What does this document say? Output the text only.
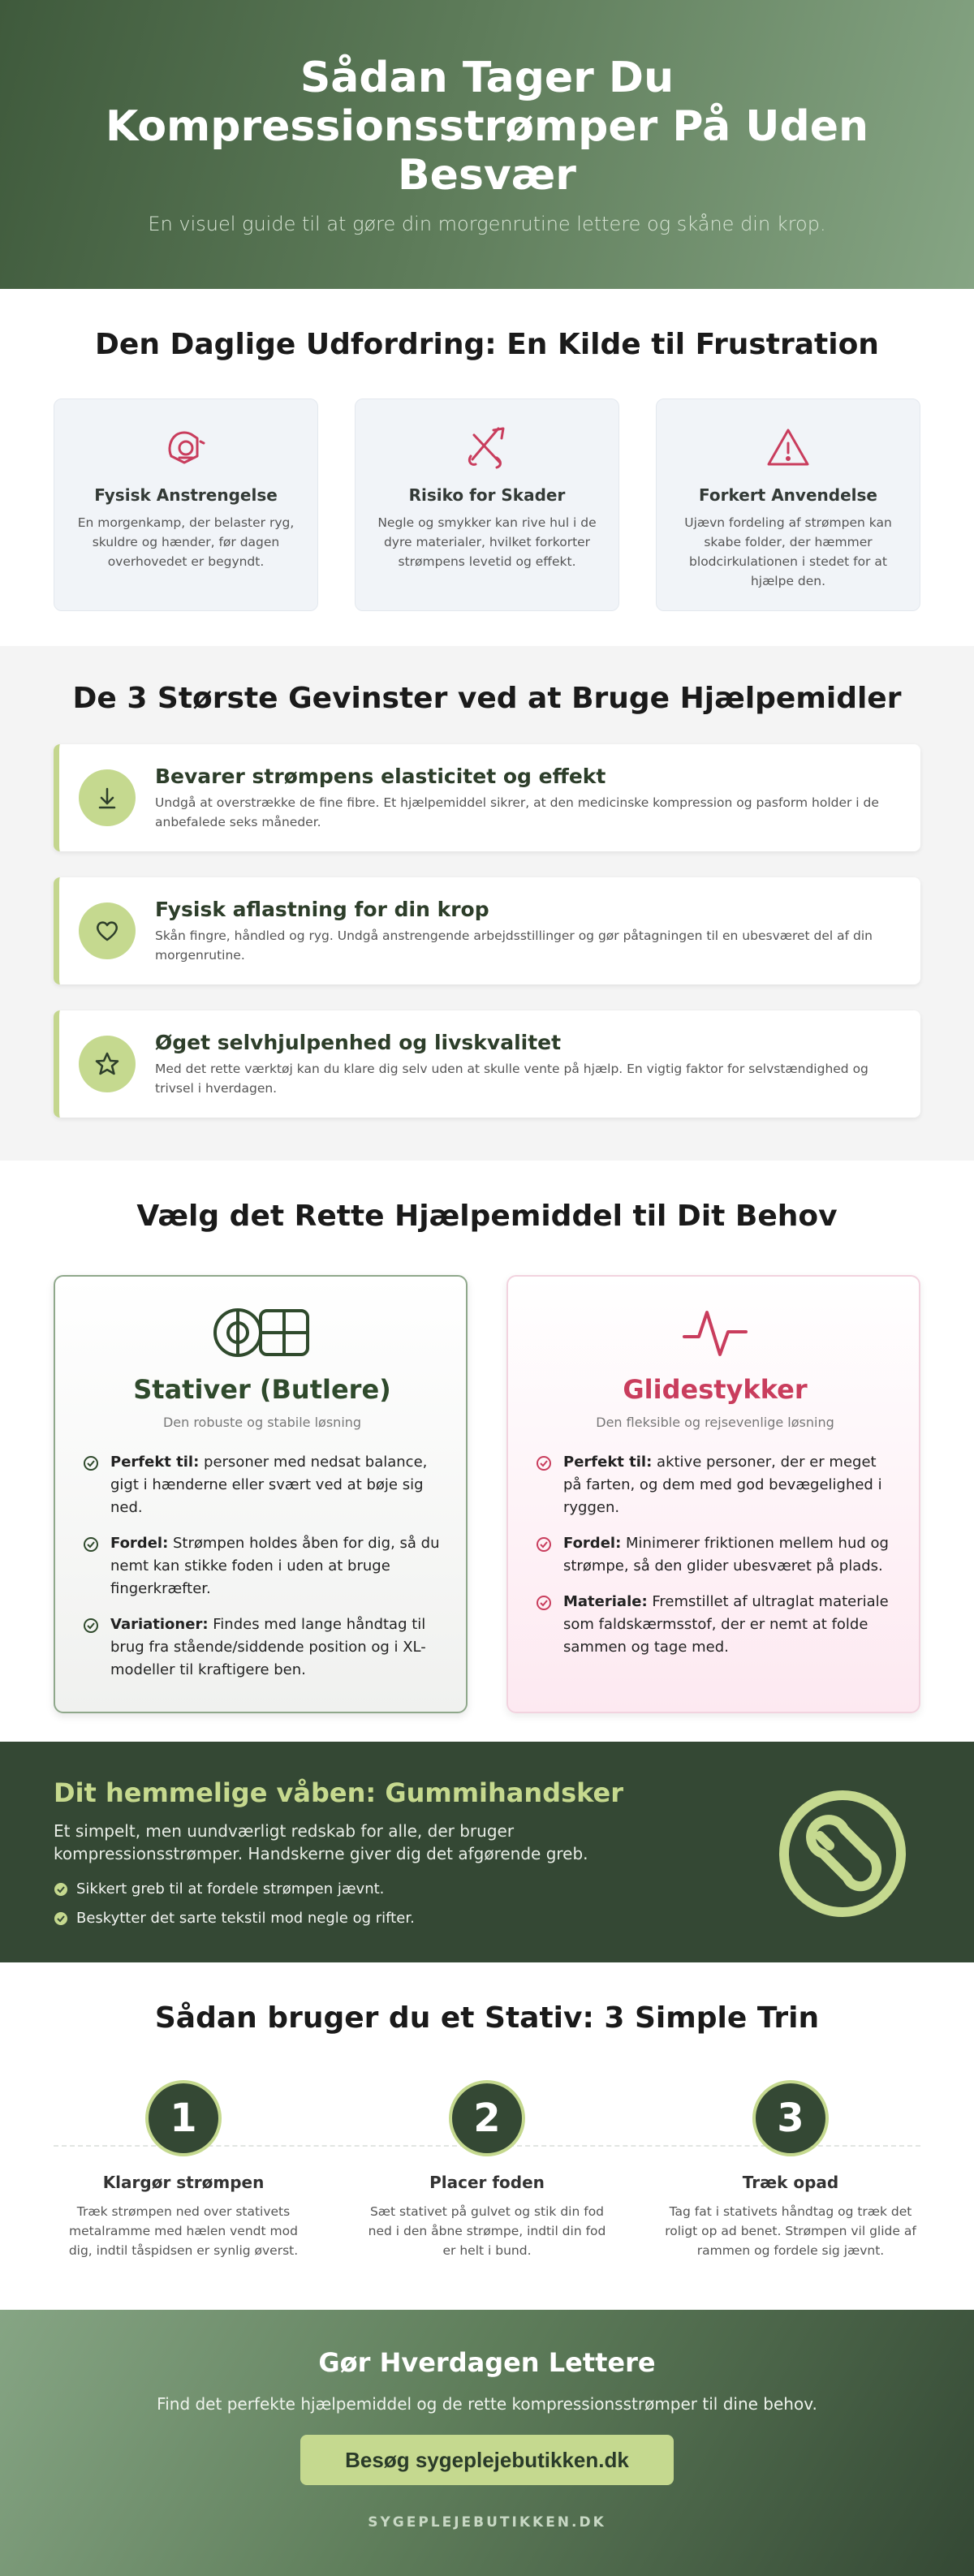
Sådan Tager Du Kompressionsstrømper På Uden Besvær

En visuel guide til at gøre din morgenrutine lettere og skåne din krop.

Den Daglige Udfordring: En Kilde til Frustration
Fysisk Anstrengelse

En morgenkamp, der belaster ryg, skuldre og hænder, før dagen overhovedet er begyndt.

Risiko for Skader

Negle og smykker kan rive hul i de dyre materialer, hvilket forkorter strømpens levetid og effekt.

Forkert Anvendelse

Ujævn fordeling af strømpen kan skabe folder, der hæmmer blodcirkulationen i stedet for at hjælpe den.

De 3 Største Gevinster ved at Bruge Hjælpemidler
Bevarer strømpens elasticitet og effekt

Undgå at overstrække de fine fibre. Et hjælpemiddel sikrer, at den medicinske kompression og pasform holder i de anbefalede seks måneder.

Fysisk aflastning for din krop

Skån fingre, håndled og ryg. Undgå anstrengende arbejdsstillinger og gør påtagningen til en ubesværet del af din morgenrutine.

Øget selvhjulpenhed og livskvalitet

Med det rette værktøj kan du klare dig selv uden at skulle vente på hjælp. En vigtig faktor for selvstændighed og trivsel i hverdagen.

Vælg det Rette Hjælpemiddel til Dit Behov
Stativer (Butlere)
Den robuste og stabile løsning
Perfekt til: personer med nedsat balance, gigt i hænderne eller svært ved at bøje sig ned.
Fordel: Strømpen holdes åben for dig, så du nemt kan stikke foden i uden at bruge fingerkræfter.
Variationer: Findes med lange håndtag til brug fra stående/siddende position og i XL-modeller til kraftigere ben.
Glidestykker
Den fleksible og rejsevenlige løsning
Perfekt til: aktive personer, der er meget på farten, og dem med god bevægelighed i ryggen.
Fordel: Minimerer friktionen mellem hud og strømpe, så den glider ubesværet på plads.
Materiale: Fremstillet af ultraglat materiale som faldskærmsstof, der er nemt at folde sammen og tage med.
Dit hemmelige våben: Gummihandsker

Et simpelt, men uundværligt redskab for alle, der bruger kompressionsstrømper. Handskerne giver dig det afgørende greb.

Sikkert greb til at fordele strømpen jævnt.
Beskytter det sarte tekstil mod negle og rifter.
Sådan bruger du et Stativ: 3 Simple Trin
1
Klargør strømpen

Træk strømpen ned over stativets metalramme med hælen vendt mod dig, indtil tåspidsen er synlig øverst.

2
Placer foden

Sæt stativet på gulvet og stik din fod ned i den åbne strømpe, indtil din fod er helt i bund.

3
Træk opad

Tag fat i stativets håndtag og træk det roligt op ad benet. Strømpen vil glide af rammen og fordele sig jævnt.

Gør Hverdagen Lettere

Find det perfekte hjælpemiddel og de rette kompressionsstrømper til dine behov.

Besøg sygeplejebutikken.dk
SYGEPLEJEBUTIKKEN.DK
